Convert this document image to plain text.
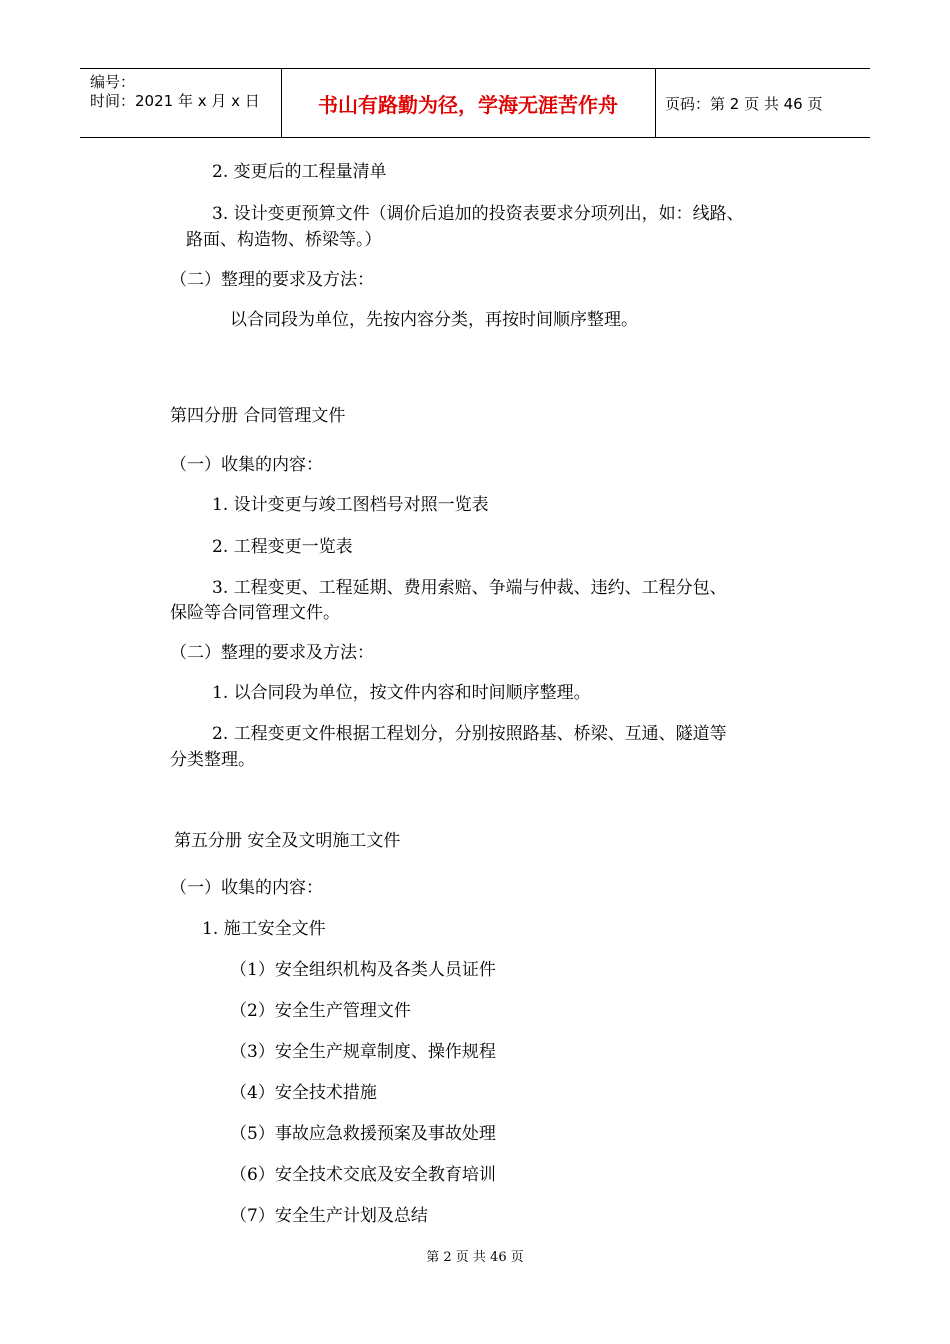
编号：
时间：2021 年 x 月 x 日	书山有路勤为径，学海无涯苦作舟	页码：第 2 页 共 46 页
2. 变更后的工程量清单
3. 设计变更预算文件（调价后追加的投资表要求分项列出，如：线路、
路面、构造物、桥梁等。）
（二）整理的要求及方法：
以合同段为单位，先按内容分类，再按时间顺序整理。
第四分册 合同管理文件
（一）收集的内容：
1. 设计变更与竣工图档号对照一览表
2. 工程变更一览表
3. 工程变更、工程延期、费用索赔、争端与仲裁、违约、工程分包、
保险等合同管理文件。
（二）整理的要求及方法：
1. 以合同段为单位，按文件内容和时间顺序整理。
2. 工程变更文件根据工程划分，分别按照路基、桥梁、互通、隧道等
分类整理。
第五分册 安全及文明施工文件
（一）收集的内容：
1. 施工安全文件
（1）安全组织机构及各类人员证件
（2）安全生产管理文件
（3）安全生产规章制度、操作规程
（4）安全技术措施
（5）事故应急救援预案及事故处理
（6）安全技术交底及安全教育培训
（7）安全生产计划及总结
第 2 页 共 46 页
